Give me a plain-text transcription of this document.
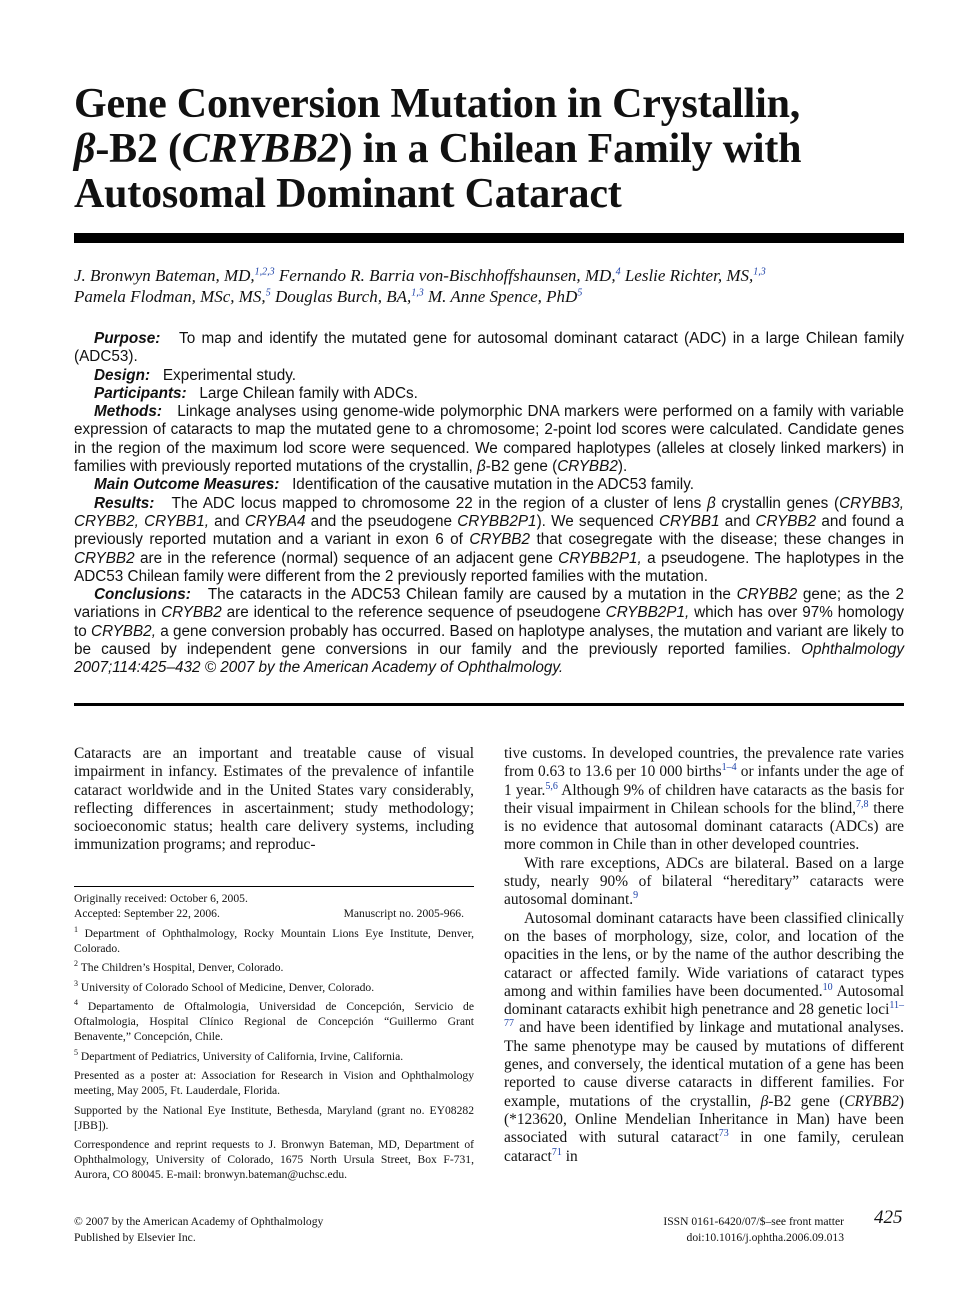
Gene Conversion Mutation in Crystallin,
β-B2 (CRYBB2) in a Chilean Family with
Autosomal Dominant Cataract
J. Bronwyn Bateman, MD,$^{1,2,3}$ Fernando R. Barria von-Bischhoffshaunsen, MD,$^4$ Leslie Richter, MS,$^{1,3}$
Pamela Flodman, MSc, MS,$^5$ Douglas Burch, BA,$^{1,3}$ M. Anne Spence, PhD$^5$

Purpose: To map and identify the mutated gene for autosomal dominant cataract (ADC) in a large Chilean family (ADC53).

Design: Experimental study.

Participants: Large Chilean family with ADCs.

Methods: Linkage analyses using genome-wide polymorphic DNA markers were performed on a family with variable expression of cataracts to map the mutated gene to a chromosome; 2-point lod scores were calculated. Candidate genes in the region of the maximum lod score were sequenced. We compared haplotypes (alleles at closely linked markers) in families with previously reported mutations of the crystallin, β-B2 gene (CRYBB2).

Main Outcome Measures: Identification of the causative mutation in the ADC53 family.

Results: The ADC locus mapped to chromosome 22 in the region of a cluster of lens β crystallin genes (CRYBB3, CRYBB2, CRYBB1, and CRYBA4 and the pseudogene CRYBB2P1). We sequenced CRYBB1 and CRYBB2 and found a previously reported mutation and a variant in exon 6 of CRYBB2 that cosegregate with the disease; these changes in CRYBB2 are in the reference (normal) sequence of an adjacent gene CRYBB2P1, a pseudogene. The haplotypes in the ADC53 Chilean family were different from the 2 previously reported families with the mutation.

Conclusions: The cataracts in the ADC53 Chilean family are caused by a mutation in the CRYBB2 gene; as the 2 variations in CRYBB2 are identical to the reference sequence of pseudogene CRYBB2P1, which has over 97% homology to CRYBB2, a gene conversion probably has occurred. Based on haplotype analyses, the mutation and variant are likely to be caused by independent gene conversions in our family and the previously reported families. Ophthalmology 2007;114:425–432 © 2007 by the American Academy of Ophthalmology.

Cataracts are an important and treatable cause of visual impairment in infancy. Estimates of the prevalence of infantile cataract worldwide and in the United States vary considerably, reflecting differences in ascertainment; study methodology; socioeconomic status; health care delivery systems, including immunization programs; and reproduc-

Originally received: October 6, 2005.

Accepted: September 22, 2006.	Manuscript no. 2005-966.

$^1$ Department of Ophthalmology, Rocky Mountain Lions Eye Institute, Denver, Colorado.

$^2$ The Children’s Hospital, Denver, Colorado.

$^3$ University of Colorado School of Medicine, Denver, Colorado.

$^4$ Departamento de Oftalmologia, Universidad de Concepción, Servicio de Oftalmologia, Hospital Clínico Regional de Concepción “Guillermo Grant Benavente,” Concepción, Chile.

$^5$ Department of Pediatrics, University of California, Irvine, California.

Presented as a poster at: Association for Research in Vision and Ophthalmology meeting, May 2005, Ft. Lauderdale, Florida.

Supported by the National Eye Institute, Bethesda, Maryland (grant no. EY08282 [JBB]).

Correspondence and reprint requests to J. Bronwyn Bateman, MD, Department of Ophthalmology, University of Colorado, 1675 North Ursula Street, Box F-731, Aurora, CO 80045. E-mail: bronwyn.bateman@uchsc.edu.

tive customs. In developed countries, the prevalence rate varies from 0.63 to 13.6 per 10 000 births$^{1-4}$ or infants under the age of 1 year.$^{5,6}$ Although 9% of children have cataracts as the basis for their visual impairment in Chilean schools for the blind,$^{7,8}$ there is no evidence that autosomal dominant cataracts (ADCs) are more common in Chile than in other developed countries.

With rare exceptions, ADCs are bilateral. Based on a large study, nearly 90% of bilateral “hereditary” cataracts were autosomal dominant.$^9$

Autosomal dominant cataracts have been classified clinically on the bases of morphology, size, color, and location of the opacities in the lens, or by the name of the author describing the cataract or affected family. Wide variations of cataract types among and within families have been documented.$^{10}$ Autosomal dominant cataracts exhibit high penetrance and 28 genetic loci$^{11-77}$ and have been identified by linkage and mutational analyses. The same phenotype may be caused by mutations of different genes, and conversely, the identical mutation of a gene has been reported to cause diverse cataracts in different families. For example, mutations of the crystallin, β-B2 gene (CRYBB2) (*123620, Online Mendelian Inheritance in Man) have been associated with sutural cataract$^{73}$ in one family, cerulean cataract$^{71}$ in

© 2007 by the American Academy of Ophthalmology
Published by Elsevier Inc.
ISSN 0161-6420/07/$–see front matter
doi:10.1016/j.ophtha.2006.09.013
425
